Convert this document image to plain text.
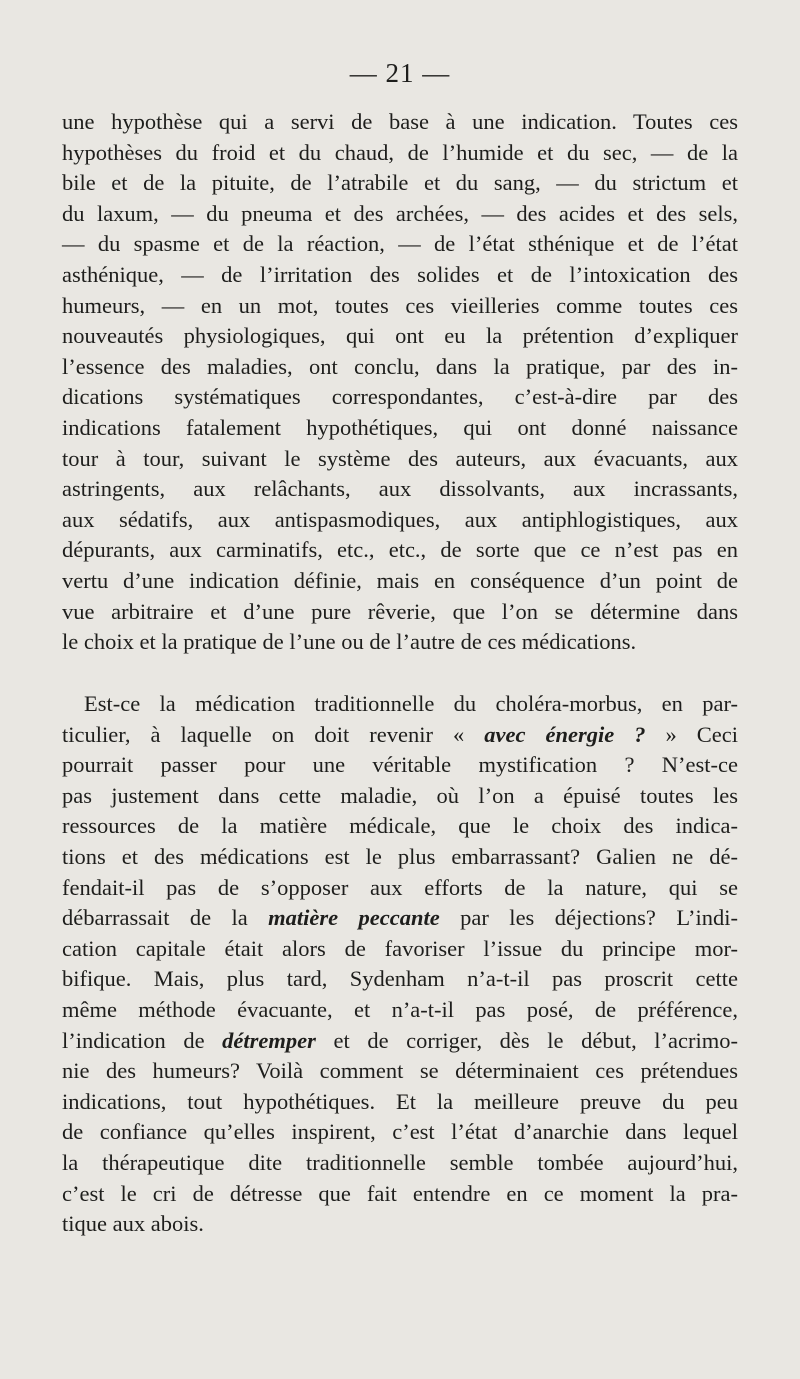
— 21 —
une hypothèse qui a servi de base à une indication. Toutes ces
hypothèses du froid et du chaud, de l’humide et du sec, — de la
bile et de la pituite, de l’atrabile et du sang, — du strictum et
du laxum, — du pneuma et des archées, — des acides et des sels,
— du spasme et de la réaction, — de l’état sthénique et de l’état
asthénique, — de l’irritation des solides et de l’intoxication des
humeurs, — en un mot, toutes ces vieilleries comme toutes ces
nouveautés physiologiques, qui ont eu la prétention d’expliquer
l’essence des maladies, ont conclu, dans la pratique, par des in-
dications systématiques correspondantes, c’est-à-dire par des
indications fatalement hypothétiques, qui ont donné naissance
tour à tour, suivant le système des auteurs, aux évacuants, aux
astringents, aux relâchants, aux dissolvants, aux incrassants,
aux sédatifs, aux antispasmodiques, aux antiphlogistiques, aux
dépurants, aux carminatifs, etc., etc., de sorte que ce n’est pas en
vertu d’une indication définie, mais en conséquence d’un point de
vue arbitraire et d’une pure rêverie, que l’on se détermine dans
le choix et la pratique de l’une ou de l’autre de ces médications.
Est-ce la médication traditionnelle du choléra-morbus, en par-
ticulier, à laquelle on doit revenir « avec énergie ? » Ceci
pourrait passer pour une véritable mystification ? N’est-ce
pas justement dans cette maladie, où l’on a épuisé toutes les
ressources de la matière médicale, que le choix des indica-
tions et des médications est le plus embarrassant? Galien ne dé-
fendait-il pas de s’opposer aux efforts de la nature, qui se
débarrassait de la matière peccante par les déjections? L’indi-
cation capitale était alors de favoriser l’issue du principe mor-
bifique. Mais, plus tard, Sydenham n’a-t-il pas proscrit cette
même méthode évacuante, et n’a-t-il pas posé, de préférence,
l’indication de détremper et de corriger, dès le début, l’acrimo-
nie des humeurs? Voilà comment se déterminaient ces prétendues
indications, tout hypothétiques. Et la meilleure preuve du peu
de confiance qu’elles inspirent, c’est l’état d’anarchie dans lequel
la thérapeutique dite traditionnelle semble tombée aujourd’hui,
c’est le cri de détresse que fait entendre en ce moment la pra-
tique aux abois.
